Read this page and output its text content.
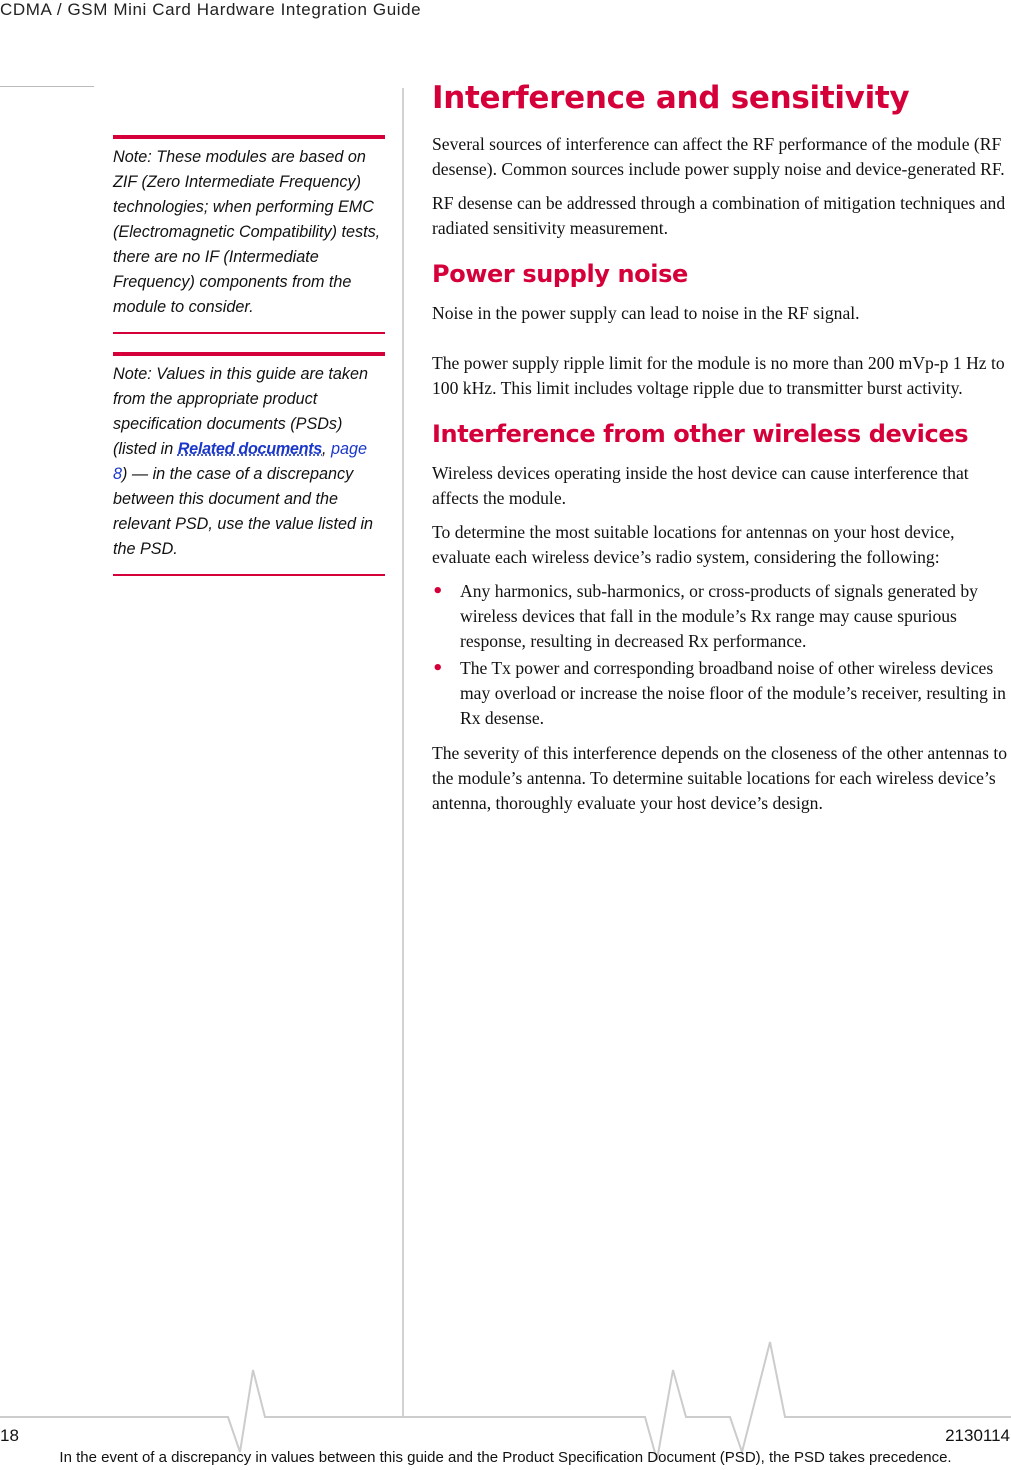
CDMA / GSM Mini Card Hardware Integration Guide
Note: These modules are based on ZIF (Zero Intermediate Frequency) technologies; when performing EMC (Electromagnetic Compatibility) tests, there are no IF (Intermediate Frequency) components from the module to consider.
Note: Values in this guide are taken from the appropriate product specification documents (PSDs) (listed in Related documents, page 8) — in the case of a discrepancy between this document and the relevant PSD, use the value listed in the PSD.
Interference and sensitivity

Several sources of interference can affect the RF performance of the module (RF desense). Common sources include power supply noise and device-generated RF.

RF desense can be addressed through a combination of mitigation techniques and radiated sensitivity measurement.

Power supply noise

Noise in the power supply can lead to noise in the RF signal.

The power supply ripple limit for the module is no more than 200 mVp-p 1 Hz to 100 kHz. This limit includes voltage ripple due to transmitter burst activity.

Interference from other wireless devices

Wireless devices operating inside the host device can cause interference that affects the module.

To determine the most suitable locations for antennas on your host device, evaluate each wireless device’s radio system, considering the following:

• Any harmonics, sub-harmonics, or cross-products of signals generated by wireless devices that fall in the module’s Rx range may cause spurious response, resulting in decreased Rx performance.
• The Tx power and corresponding broadband noise of other wireless devices may overload or increase the noise floor of the module’s receiver, resulting in Rx desense.

The severity of this interference depends on the closeness of the other antennas to the module’s antenna. To determine suitable locations for each wireless device’s antenna, thoroughly evaluate your host device’s design.

18	2130114
In the event of a discrepancy in values between this guide and the Product Specification Document (PSD), the PSD takes precedence.
